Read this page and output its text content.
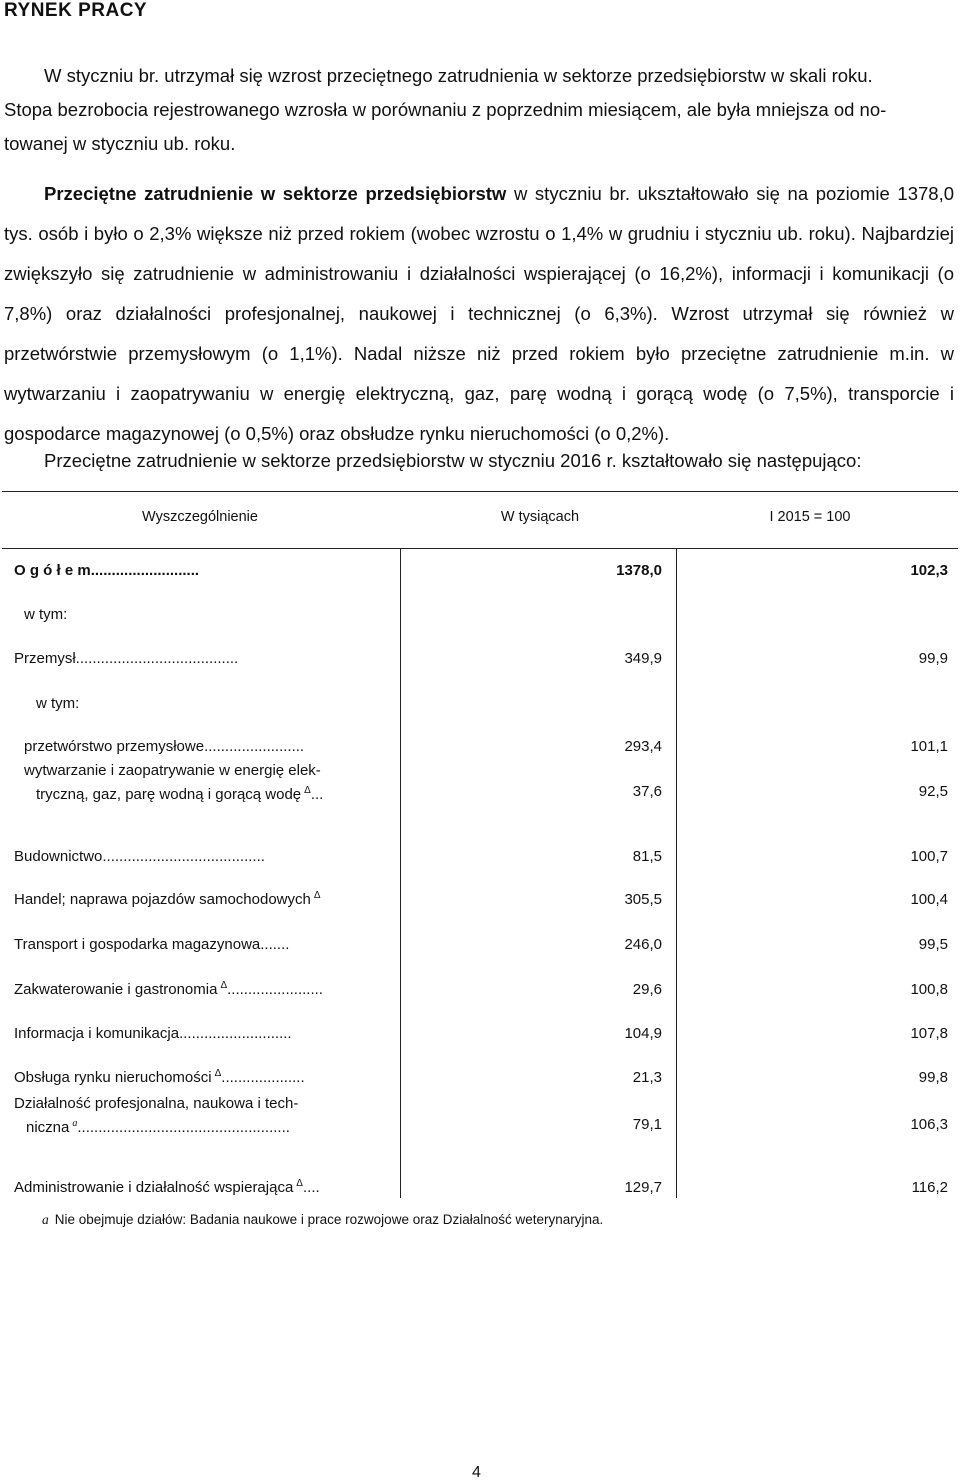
RYNEK PRACY
W styczniu br. utrzymał się wzrost przeciętnego zatrudnienia w sektorze przedsiębiorstw w skali roku.
Stopa bezrobocia rejestrowanego wzrosła w porównaniu z poprzednim miesiącem, ale była mniejsza od no-
towanej w styczniu ub. roku.
Przeciętne zatrudnienie w sektorze przedsiębiorstw w styczniu br. ukształtowało się na poziomie 1378,0 tys. osób i było o 2,3% większe niż przed rokiem (wobec wzrostu o 1,4% w grudniu i styczniu ub. roku). Najbardziej zwiększyło się zatrudnienie w administrowaniu i działalności wspierającej (o 16,2%), informacji i komunikacji (o 7,8%) oraz działalności profesjonalnej, naukowej i technicznej (o 6,3%). Wzrost utrzymał się również w przetwórstwie przemysłowym (o 1,1%). Nadal niższe niż przed rokiem było przeciętne zatrudnienie m.in. w wytwarzaniu i zaopatrywaniu w energię elektryczną, gaz, parę wodną i gorącą wodę (o 7,5%), transporcie i gospodarce magazynowej (o 0,5%) oraz obsłudze rynku nieruchomości (o 0,2%).
Przeciętne zatrudnienie w sektorze przedsiębiorstw w styczniu 2016 r. kształtowało się następująco:
Wyszczególnienie	W tysiącach	I 2015 = 100
O g ó ł e m..........................	1378,0	102,3
w tym:
Przemysł.......................................	349,9	99,9
w tym:
przetwórstwo przemysłowe........................	293,4	101,1
wytwarzanie i zaopatrywanie w energię elek-
tryczną, gaz, parę wodną i gorącą wodę $^\Delta$...	37,6	92,5
Budownictwo.......................................	81,5	100,7
Handel; naprawa pojazdów samochodowych $^\Delta$	305,5	100,4
Transport i gospodarka magazynowa.......	246,0	99,5
Zakwaterowanie i gastronomia $^\Delta$.......................	29,6	100,8
Informacja i komunikacja...........................	104,9	107,8
Obsługa rynku nieruchomości $^\Delta$....................	21,3	99,8
Działalność profesjonalna, naukowa i tech-
niczna $^a$...................................................	79,1	106,3
Administrowanie i działalność wspierająca $^\Delta$....	129,7	116,2
a Nie obejmuje działów: Badania naukowe i prace rozwojowe oraz Działalność weterynaryjna.
4
